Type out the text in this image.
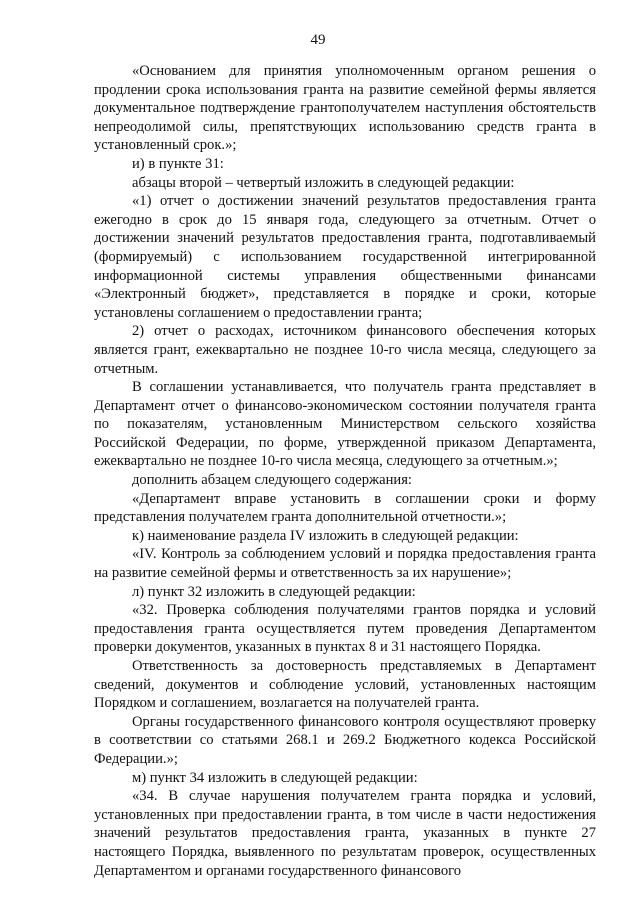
49

«Основанием для принятия уполномоченным органом решения о продлении срока использования гранта на развитие семейной фермы является документальное подтверждение грантополучателем наступления обстоятельств непреодолимой силы, препятствующих использованию средств гранта в установленный срок.»;

и) в пункте 31:

абзацы второй – четвертый изложить в следующей редакции:

«1) отчет о достижении значений результатов предоставления гранта ежегодно в срок до 15 января года, следующего за отчетным. Отчет о достижении значений результатов предоставления гранта, подготавливаемый (формируемый) с использованием государственной интегрированной информационной системы управления общественными финансами «Электронный бюджет», представляется в порядке и сроки, которые установлены соглашением о предоставлении гранта;

2) отчет о расходах, источником финансового обеспечения которых является грант, ежеквартально не позднее 10-го числа месяца, следующего за отчетным.

В соглашении устанавливается, что получатель гранта представляет в Департамент отчет о финансово-экономическом состоянии получателя гранта по показателям, установленным Министерством сельского хозяйства Российской Федерации, по форме, утвержденной приказом Департамента, ежеквартально не позднее 10-го числа месяца, следующего за отчетным.»;

дополнить абзацем следующего содержания:

«Департамент вправе установить в соглашении сроки и форму представления получателем гранта дополнительной отчетности.»;

к) наименование раздела IV изложить в следующей редакции:

«IV. Контроль за соблюдением условий и порядка предоставления гранта на развитие семейной фермы и ответственность за их нарушение»;

л) пункт 32 изложить в следующей редакции:

«32. Проверка соблюдения получателями грантов порядка и условий предоставления гранта осуществляется путем проведения Департаментом проверки документов, указанных в пунктах 8 и 31 настоящего Порядка.

Ответственность за достоверность представляемых в Департамент сведений, документов и соблюдение условий, установленных настоящим Порядком и соглашением, возлагается на получателей гранта.

Органы государственного финансового контроля осуществляют проверку в соответствии со статьями 268.1 и 269.2 Бюджетного кодекса Российской Федерации.»;

м) пункт 34 изложить в следующей редакции:

«34. В случае нарушения получателем гранта порядка и условий, установленных при предоставлении гранта, в том числе в части недостижения значений результатов предоставления гранта, указанных в пункте 27 настоящего Порядка, выявленного по результатам проверок, осуществленных Департаментом и органами государственного финансового
